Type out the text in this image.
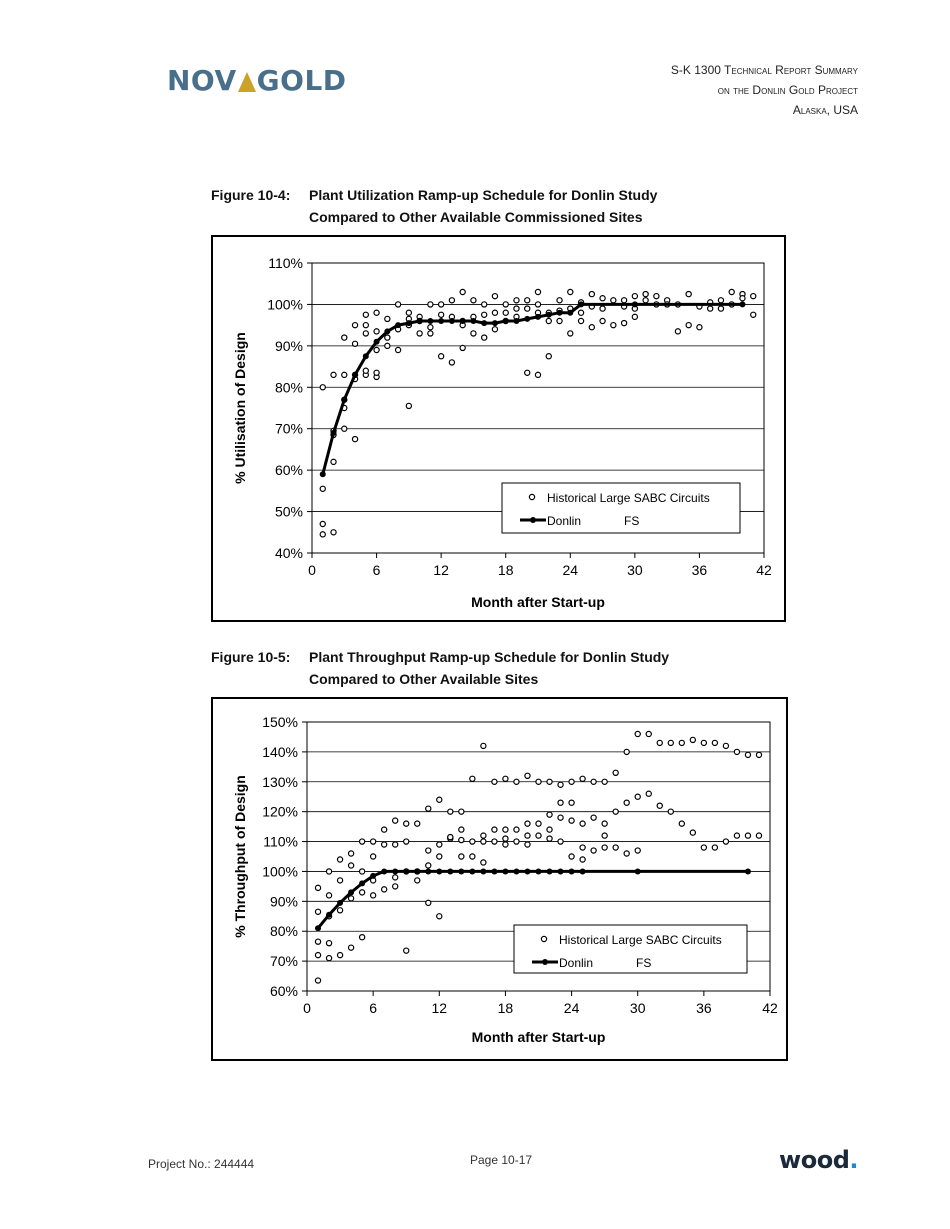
NOV GOLD	S-K 1300 Technical Report Summary
on the Donlin Gold Project
Alaska, USA
Figure 10-4: Plant Utilization Ramp-up Schedule for Donlin Study
Compared to Other Available Commissioned Sites
40%
50%
60%
70%
80%
90%
100%
110%
0	6	12	18	24	30	36	42
Month after Start-up
% Utilisation of Design
Historical Large SABC Circuits
Donlin	FS
Figure 10-5: Plant Throughput Ramp-up Schedule for Donlin Study
Compared to Other Available Sites
60%
70%
80%
90%
100%
110%
120%
130%
140%
150%
0	6	12	18	24	30	36	42
Month after Start-up
% Throughput of Design
Historical Large SABC Circuits
Donlin	FS
Project No.: 244444	Page 10-17	wood.
